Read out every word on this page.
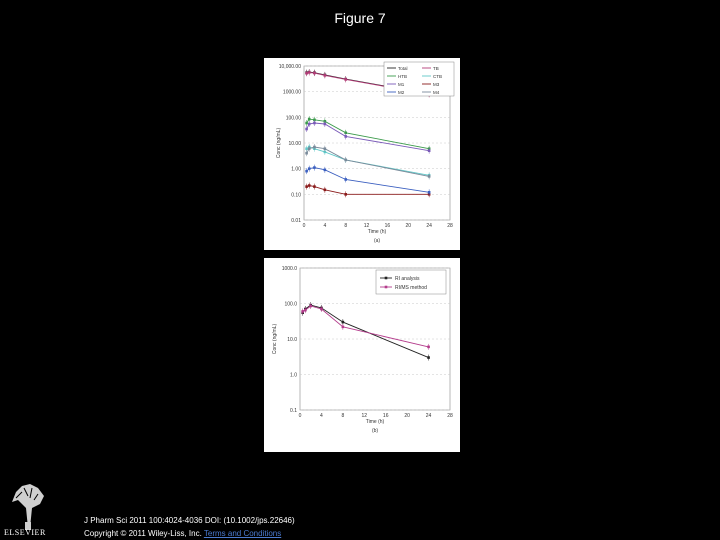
Figure 7
10,000.00
1000.00
100.00
10.00
1.00
0.10
0.01
0	4	8	12	16	20	24	28
Time (h)
Conc (ng/mL)
(a)
Total	TB
HTB	CTB
M1	M3
M2	M4
1000.0
100.0
10.0
1.0
0.1
0	4	8	12	16	20	24	28
Time (h)
Conc (ng/mL)
(b)
RI analysis
RI/MS method
ELSEVIER
J Pharm Sci 2011 100:4024-4036 DOI: (10.1002/jps.22646)
Copyright © 2011 Wiley-Liss, Inc. Terms and Conditions
